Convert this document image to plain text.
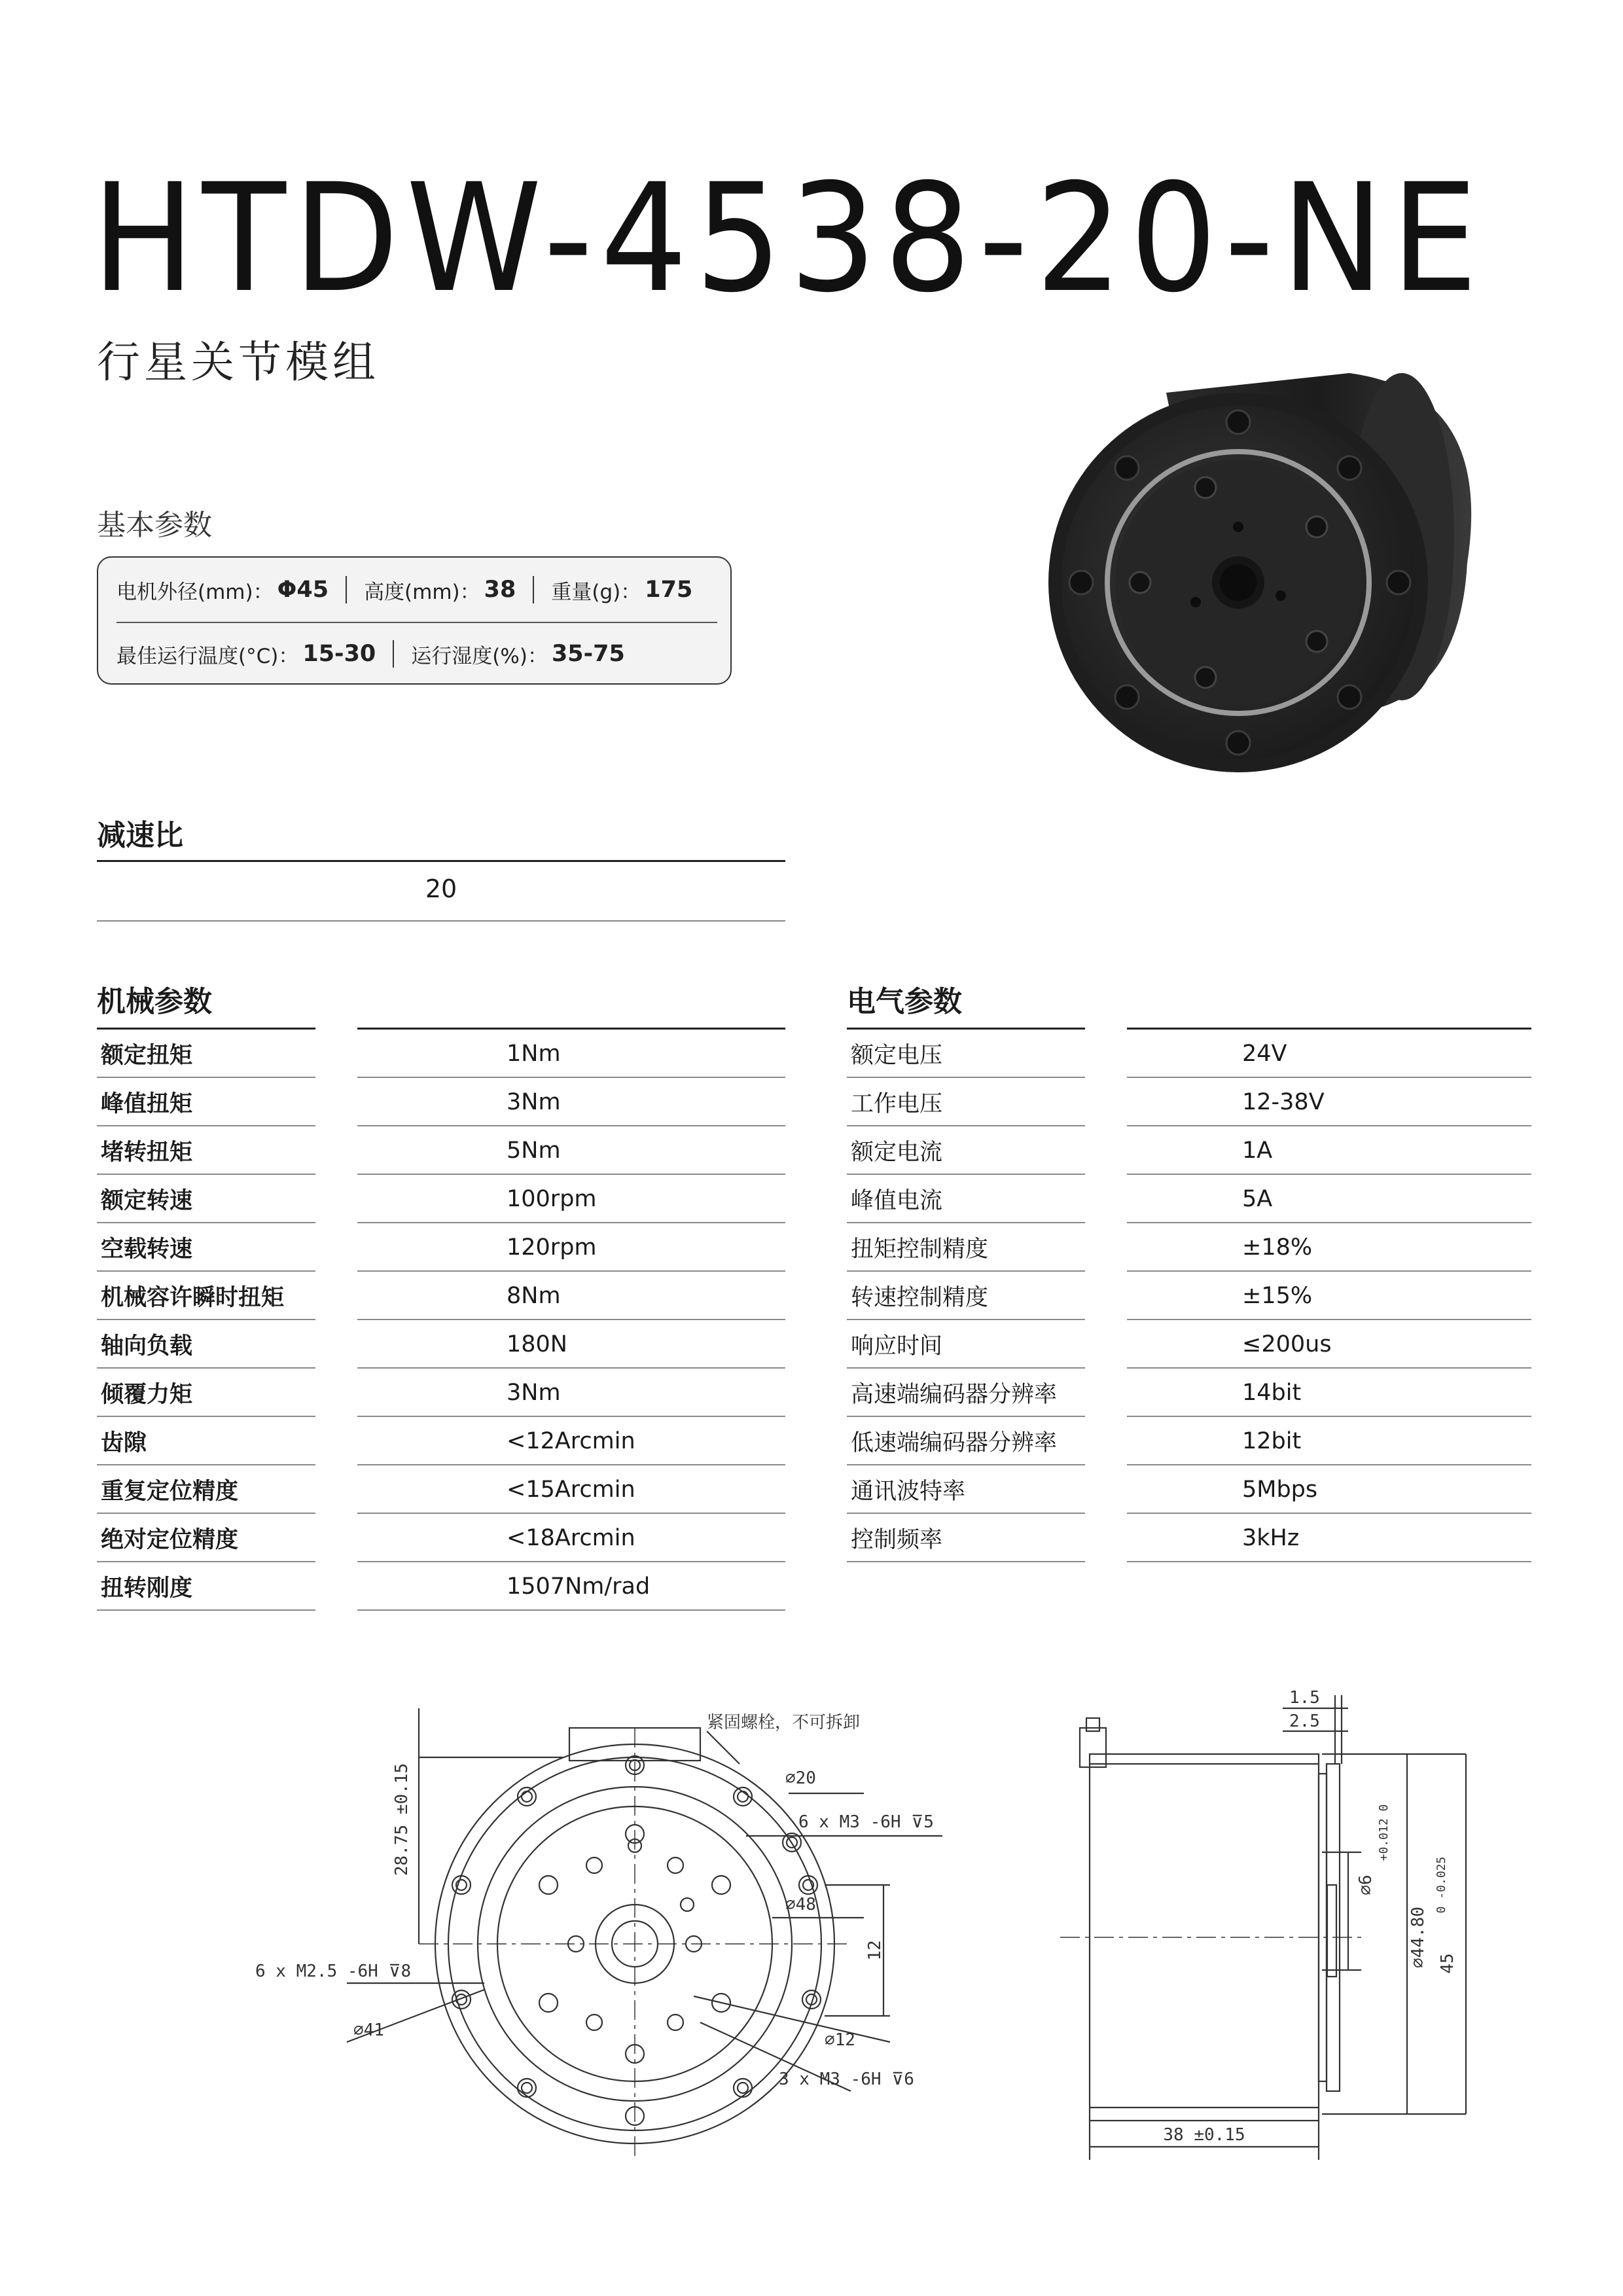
HTDW-4538-20-NE
行星关节模组
基本参数
电机外径(mm)： Φ45 高度(mm)： 38 重量(g)： 175
最佳运行温度(°C)： 15-30 运行湿度(%)： 35-75
减速比
20
机械参数	电气参数
额定扭矩	1Nm
峰值扭矩	3Nm
堵转扭矩	5Nm
额定转速	100rpm
空载转速	120rpm
机械容许瞬时扭矩	8Nm
轴向负载	180N
倾覆力矩	3Nm
齿隙	<12Arcmin
重复定位精度	<15Arcmin
绝对定位精度	<18Arcmin
扭转刚度	1507Nm/rad
额定电压	24V
工作电压	12-38V
额定电流	1A
峰值电流	5A
扭矩控制精度	±18%
转速控制精度	±15%
响应时间	≤200us
高速端编码器分辨率	14bit
低速端编码器分辨率	12bit
通讯波特率	5Mbps
控制频率	3kHz
28.75 ±0.15
紧固螺栓，不可拆卸
⌀20
6 x M3 -6H ⊽5
⌀48
12
6 x M2.5 -6H ⊽8
⌀41	⌀12
3 x M3 -6H ⊽6
1.5
2.5
⌀6
+0.012 0
⌀44.80 45
0 -0.025
38 ±0.15
